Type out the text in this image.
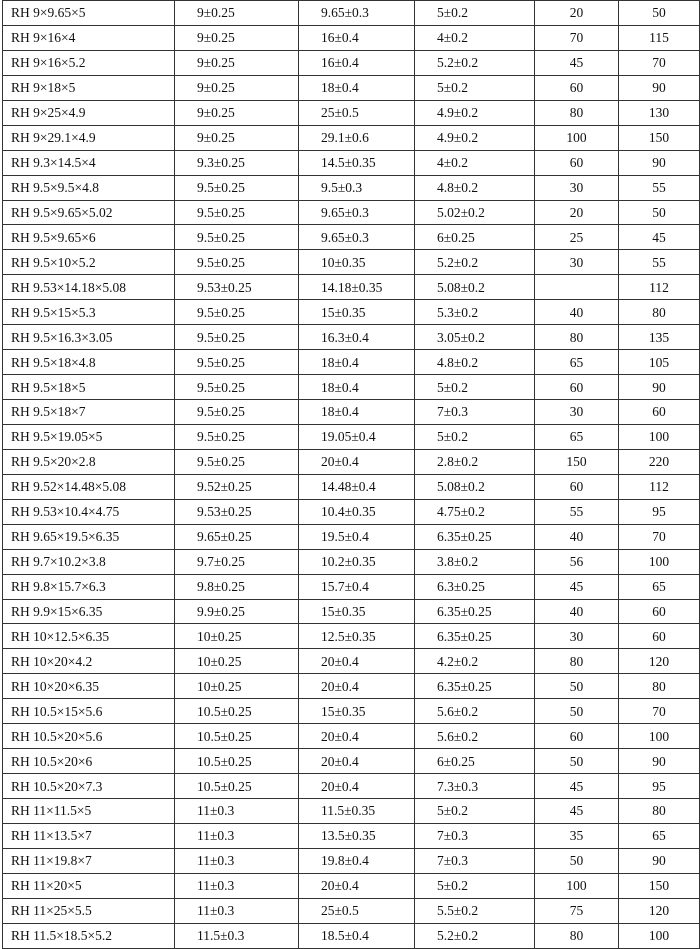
RH 9×9.65×5	9±0.25	9.65±0.3	5±0.2	20	50
RH 9×16×4	9±0.25	16±0.4	4±0.2	70	115
RH 9×16×5.2	9±0.25	16±0.4	5.2±0.2	45	70
RH 9×18×5	9±0.25	18±0.4	5±0.2	60	90
RH 9×25×4.9	9±0.25	25±0.5	4.9±0.2	80	130
RH 9×29.1×4.9	9±0.25	29.1±0.6	4.9±0.2	100	150
RH 9.3×14.5×4	9.3±0.25	14.5±0.35	4±0.2	60	90
RH 9.5×9.5×4.8	9.5±0.25	9.5±0.3	4.8±0.2	30	55
RH 9.5×9.65×5.02	9.5±0.25	9.65±0.3	5.02±0.2	20	50
RH 9.5×9.65×6	9.5±0.25	9.65±0.3	6±0.25	25	45
RH 9.5×10×5.2	9.5±0.25	10±0.35	5.2±0.2	30	55
RH 9.53×14.18×5.08	9.53±0.25	14.18±0.35	5.08±0.2		112
RH 9.5×15×5.3	9.5±0.25	15±0.35	5.3±0.2	40	80
RH 9.5×16.3×3.05	9.5±0.25	16.3±0.4	3.05±0.2	80	135
RH 9.5×18×4.8	9.5±0.25	18±0.4	4.8±0.2	65	105
RH 9.5×18×5	9.5±0.25	18±0.4	5±0.2	60	90
RH 9.5×18×7	9.5±0.25	18±0.4	7±0.3	30	60
RH 9.5×19.05×5	9.5±0.25	19.05±0.4	5±0.2	65	100
RH 9.5×20×2.8	9.5±0.25	20±0.4	2.8±0.2	150	220
RH 9.52×14.48×5.08	9.52±0.25	14.48±0.4	5.08±0.2	60	112
RH 9.53×10.4×4.75	9.53±0.25	10.4±0.35	4.75±0.2	55	95
RH 9.65×19.5×6.35	9.65±0.25	19.5±0.4	6.35±0.25	40	70
RH 9.7×10.2×3.8	9.7±0.25	10.2±0.35	3.8±0.2	56	100
RH 9.8×15.7×6.3	9.8±0.25	15.7±0.4	6.3±0.25	45	65
RH 9.9×15×6.35	9.9±0.25	15±0.35	6.35±0.25	40	60
RH 10×12.5×6.35	10±0.25	12.5±0.35	6.35±0.25	30	60
RH 10×20×4.2	10±0.25	20±0.4	4.2±0.2	80	120
RH 10×20×6.35	10±0.25	20±0.4	6.35±0.25	50	80
RH 10.5×15×5.6	10.5±0.25	15±0.35	5.6±0.2	50	70
RH 10.5×20×5.6	10.5±0.25	20±0.4	5.6±0.2	60	100
RH 10.5×20×6	10.5±0.25	20±0.4	6±0.25	50	90
RH 10.5×20×7.3	10.5±0.25	20±0.4	7.3±0.3	45	95
RH 11×11.5×5	11±0.3	11.5±0.35	5±0.2	45	80
RH 11×13.5×7	11±0.3	13.5±0.35	7±0.3	35	65
RH 11×19.8×7	11±0.3	19.8±0.4	7±0.3	50	90
RH 11×20×5	11±0.3	20±0.4	5±0.2	100	150
RH 11×25×5.5	11±0.3	25±0.5	5.5±0.2	75	120
RH 11.5×18.5×5.2	11.5±0.3	18.5±0.4	5.2±0.2	80	100
